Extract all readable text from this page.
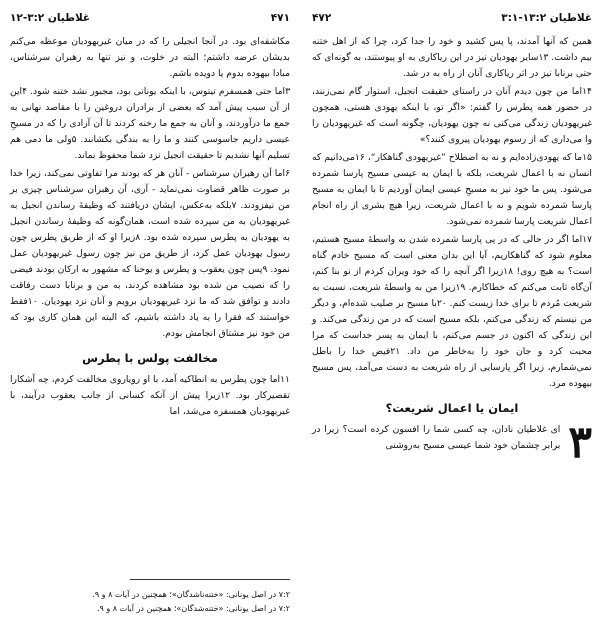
۴۷۱
غلاطیان ۳:۲-۱۲

مکاشفه‌ای بود. در آنجا انجیلی را که در میان غیریهودیان موعظه می‌کنم بدیشان عرضه داشتم؛ البته در خلوت، و نیز تنها به رهبران سرشناس، مبادا بیهوده بدوم یا دویده باشم.

۳اما حتی همسفرم تیتوس، با اینکه یونانی بود، مجبور نشد ختنه شود. ۴این از آن سبب پیش آمد که بعضی از برادران دروغین را با مقاصد نهانی به جمع ما درآوردند، و آنان به جمع ما رخنه کردند تا آن آزادی را که در مسیحِ عیسی داریم جاسوسی کنند و ما را به بندگی بکشانند. ۵ولی ما دمی هم تسلیم آنها نشدیم تا حقیقت انجیل نزد شما محفوظ بماند.

۶اما آن رهبران سرشناس - آنان هر که بودند مرا تفاوتی نمی‌کند، زیرا خدا بر صورت ظاهر قضاوت نمی‌نماید - آری، آن رهبران سرشناس چیزی بر من نیفزودند. ۷بلکه به‌عکس، ایشان دریافتند که وظیفهٔ رساندن انجیل به غیریهودیان به من سپرده شده است، همان‌گونه که وظیفهٔ رساندن انجیل به یهودیان به پطرس سپرده شده بود. ۸زیرا او که از طریق پطرس چون رسول یهودیان عمل کرد، از طریق من نیز چون رسول غیریهودیان عمل نمود. ۹پس چون یعقوب و پطرس و یوحنا که مشهور به ارکان بودند فیضی را که نصیب من شده بود مشاهده کردند، به من و برنابا دست رفاقت دادند و توافق شد که ما نزد غیریهودیان برویم و آنان نزد یهودیان. ۱۰فقط خواستند که فقرا را به یاد داشته باشیم، که البته این همان کاری بود که من خود نیز مشتاق انجامش بودم.

مخالفت پولس با پطرس

۱۱اما چون پطرس به انطاکیه آمد، با او رویاروی مخالفت کردم، چه آشکارا تقصیرکار بود. ۱۲زیرا پیش از آنکه کسانی از جانب یعقوب درآیند، با غیریهودیان همسفره می‌شد، اما

۷:۲ در اصل یونانی: «ختنه‌ناشدگان»؛ همچنین در آیات ۸ و ۹.
۷:۲ در اصل یونانی: «ختنه‌شدگان»؛ همچنین در آیات ۸ و ۹.
غلاطیان ۱۳:۲-۳:۱
۴۷۲

همین که آنها آمدند، پا پس کشید و خود را جدا کرد، چرا که از اهل ختنه بیم داشت. ۱۳سایر یهودیان نیز در این ریاکاری به او پیوستند، به گونه‌ای که حتی برنابا نیز در اثر ریاکاری آنان از راه به در شد.

۱۴اما من چون دیدم آنان در راستای حقیقت انجیل، استوار گام نمی‌زنند، در حضور همه پطرس را گفتم: «اگر تو، با اینکه یهودی هستی، همچون غیریهودیان زندگی می‌کنی نه چون یهودیان، چگونه است که غیریهودیان را وا می‌داری که از رسوم یهودیان پیروی کنند؟»

۱۵ما که یهودی‌زاده‌ایم و نه به اصطلاح ”غیریهودی گناهکار“، ۱۶می‌دانیم که انسان نه با اعمال شریعت، بلکه با ایمان به عیسی مسیح پارسا شمرده می‌شود. پس ما خود نیز به مسیحِ عیسی ایمان آوردیم تا با ایمان به مسیح پارسا شمرده شویم و نه با اعمال شریعت، زیرا هیچ بشری از راه انجام اعمال شریعت پارسا شمرده نمی‌شود.

۱۷اما اگر در حالی که در پی پارسا شمرده شدن به واسطهٔ مسیح هستیم، معلوم شود که گناهکاریم، آیا این بدان معنی است که مسیح خادم گناه است؟ به هیچ روی! ۱۸زیرا اگر آنچه را که خود ویران کردم از نو بنا کنم، آن‌گاه ثابت می‌کنم که خطاکارم. ۱۹زیرا من به واسطهٔ شریعت، نسبت به شریعت مُردم تا برای خدا زیست کنم. ۲۰با مسیح بر صلیب شده‌ام، و دیگر من نیستم که زندگی می‌کنم، بلکه مسیح است که در من زندگی می‌کند. و این زندگی که اکنون در جسم می‌کنم، با ایمان به پسر خداست که مرا محبت کرد و جان خود را به‌خاطر من داد. ۲۱فیض خدا را باطل نمی‌شمارم، زیرا اگر پارسایی از راه شریعت به دست می‌آمد، پس مسیح بیهوده مرد.

ایمان یا اعمال شریعت؟
۳

ای غلاطیان نادان، چه کسی شما را افسون کرده است؟ زیرا در برابر چشمان خود شما عیسی مسیح به‌روشنی
